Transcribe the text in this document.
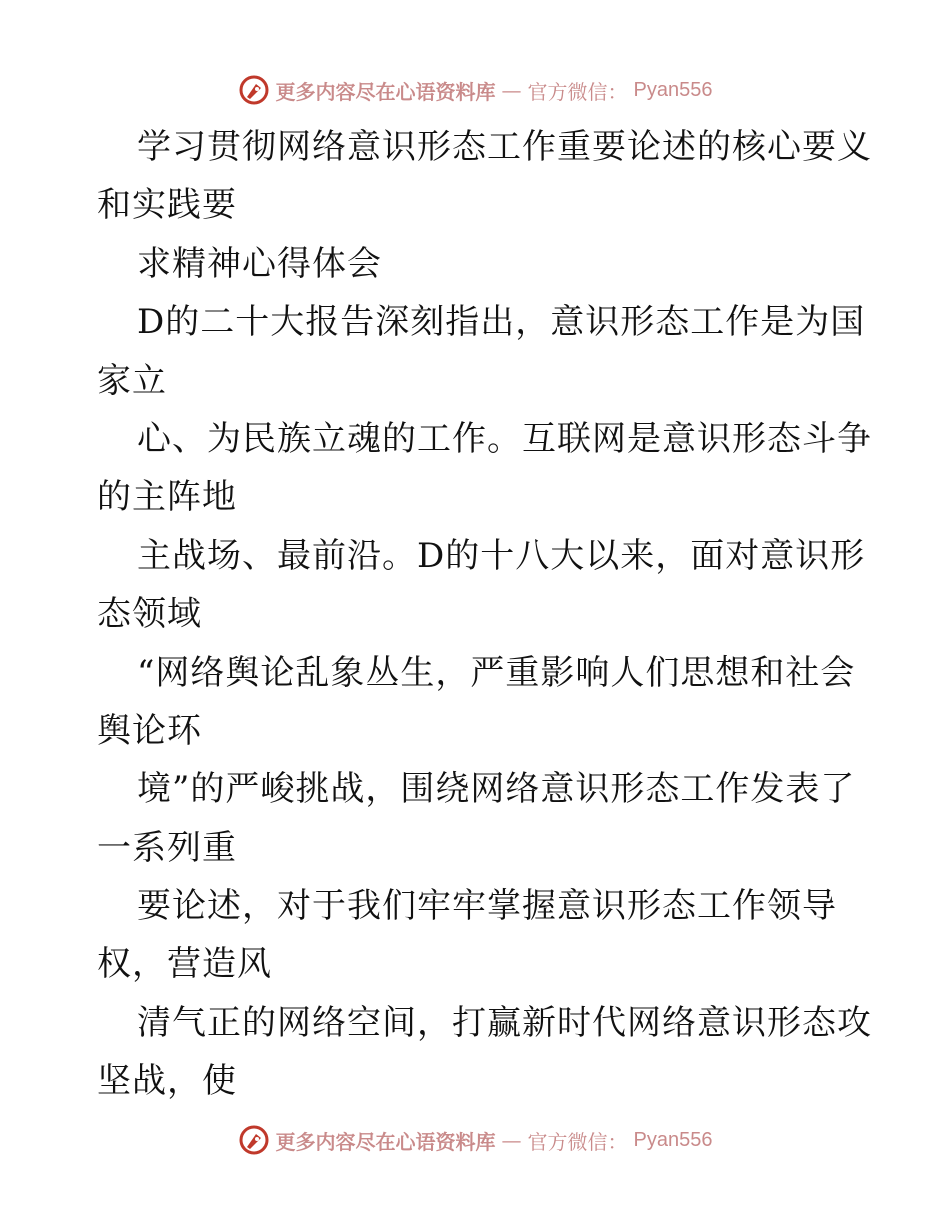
更多内容尽在心语资料库 — 官方微信： Pyan556
学习贯彻网络意识形态工作重要论述的核心要义
和实践要
求精神心得体会
D的二十大报告深刻指出，意识形态工作是为国
家立
心、为民族立魂的工作。互联网是意识形态斗争
的主阵地
主战场、最前沿。D的十八大以来，面对意识形
态领域
“网络舆论乱象丛生，严重影响人们思想和社会
舆论环
境”的严峻挑战，围绕网络意识形态工作发表了
一系列重
要论述，对于我们牢牢掌握意识形态工作领导
权，营造风
清气正的网络空间，打赢新时代网络意识形态攻
坚战，使
更多内容尽在心语资料库 — 官方微信： Pyan556
